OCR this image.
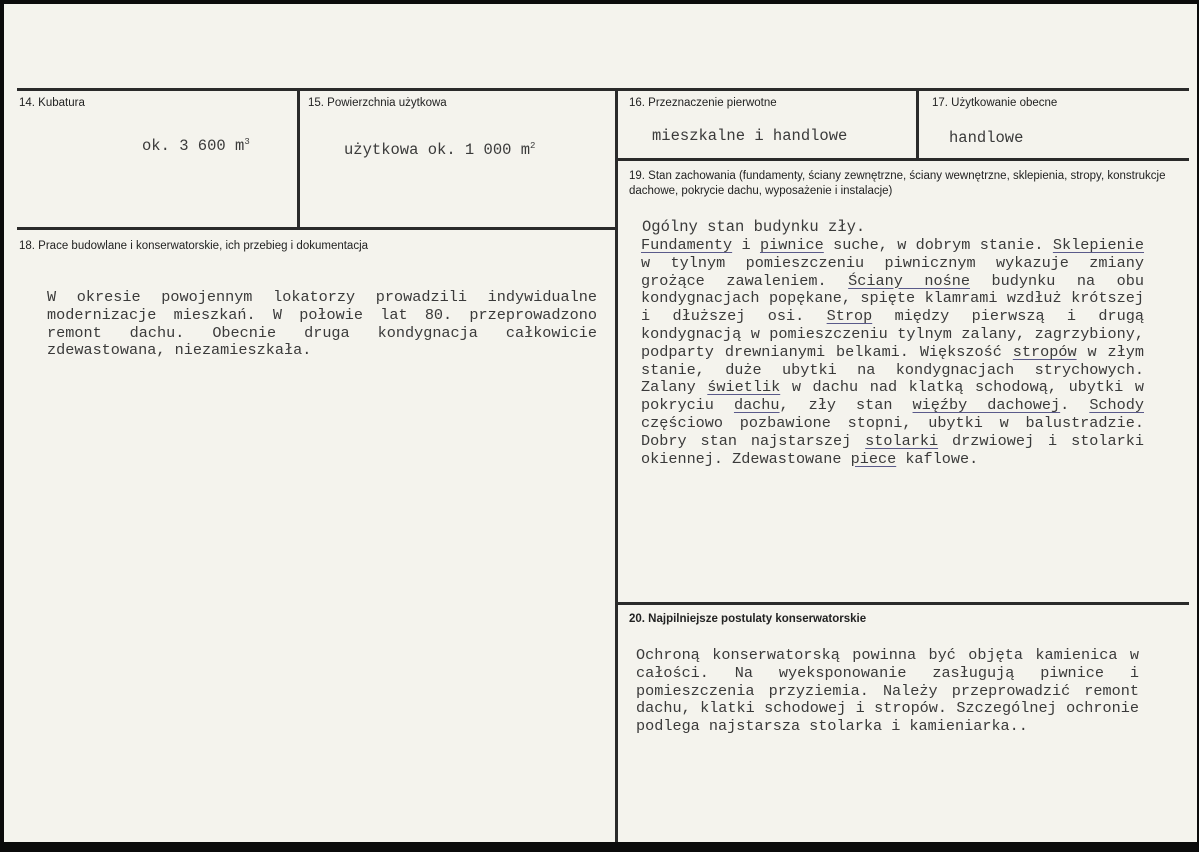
14. Kubatura
ok. 3 600 $m^3$
15. Powierzchnia użytkowa
użytkowa ok. 1 000 $m^2$
16. Przeznaczenie pierwotne
mieszkalne i handlowe
17. Użytkowanie obecne
handlowe
18. Prace budowlane i konserwatorskie, ich przebieg i dokumentacja
W okresie powojennym lokatorzy prowadzili indywidualne modernizacje mieszkań. W połowie lat 80. przeprowadzono remont dachu. Obecnie druga kondygnacja całkowicie zdewastowana, niezamieszkała.
19. Stan zachowania (fundamenty, ściany zewnętrzne, ściany wewnętrzne, sklepienia, stropy, konstrukcje dachowe, pokrycie dachu, wyposażenie i instalacje)
Ogólny stan budynku zły.
Fundamenty i piwnice suche, w dobrym stanie. Sklepienie w tylnym pomieszczeniu piwnicznym wykazuje zmiany grożące zawaleniem. Ściany nośne budynku na obu kondygnacjach popękane, spięte klamrami wzdłuż krótszej i dłuższej osi. Strop między pierwszą i drugą kondygnacją w pomieszczeniu tylnym zalany, zagrzybiony, podparty drewnianymi belkami. Większość stropów w złym stanie, duże ubytki na kondygnacjach strychowych. Zalany świetlik w dachu nad klatką schodową, ubytki w pokryciu dachu, zły stan więźby dachowej. Schody częściowo pozbawione stopni, ubytki w balustradzie. Dobry stan najstarszej stolarki drzwiowej i stolarki okiennej. Zdewastowane piece kaflowe.
20. Najpilniejsze postulaty konserwatorskie
Ochroną konserwatorską powinna być objęta kamienica w całości. Na wyeksponowanie zasługują piwnice i pomieszczenia przyziemia. Należy przeprowadzić remont dachu, klatki schodowej i stropów. Szczególnej ochronie podlega najstarsza stolarka i kamieniarka..
